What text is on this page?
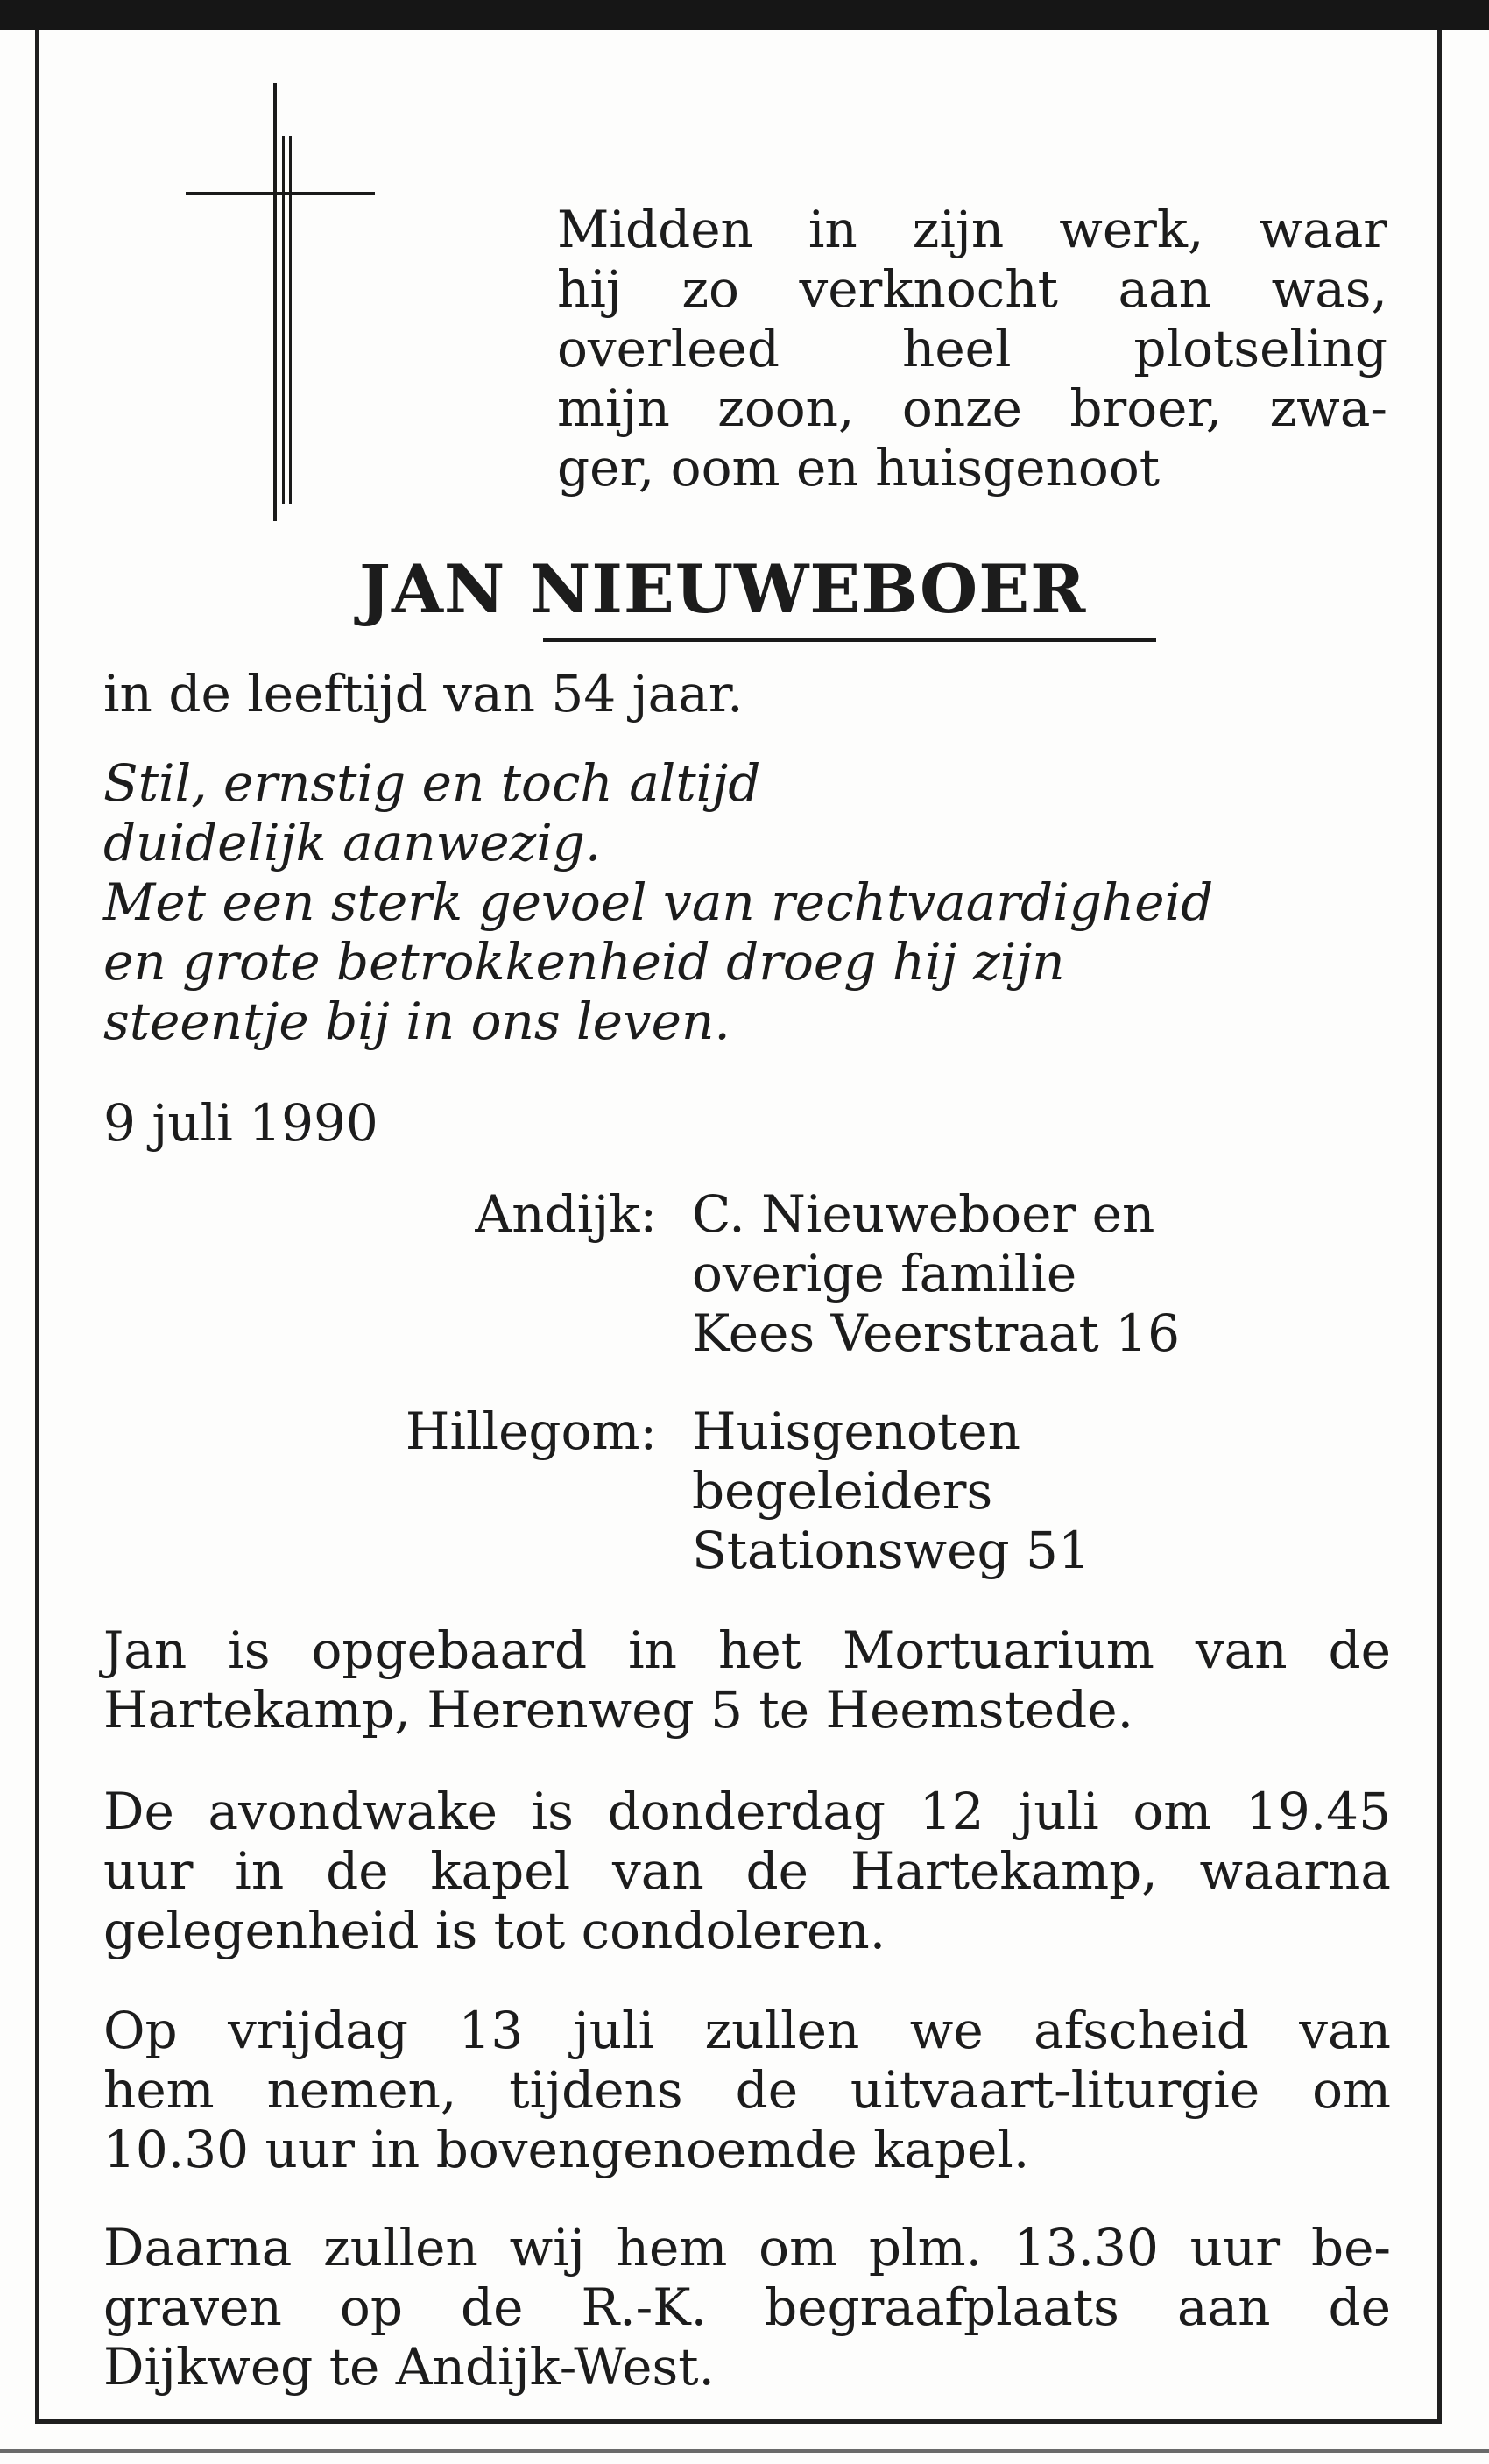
Midden in zijn werk, waar
hij zo verknocht aan was,
overleed heel plotseling
mijn zoon, onze broer, zwa-
ger, oom en huisgenoot
JAN NIEUWEBOER
in de leeftijd van 54 jaar.
Stil, ernstig en toch altijd
duidelijk aanwezig.
Met een sterk gevoel van rechtvaardigheid
en grote betrokkenheid droeg hij zijn
steentje bij in ons leven.
9 juli 1990
Andijk: C. Nieuweboer en
overige familie
Kees Veerstraat 16
Hillegom: Huisgenoten
begeleiders
Stationsweg 51
Jan is opgebaard in het Mortuarium van de
Hartekamp, Herenweg 5 te Heemstede.
De avondwake is donderdag 12 juli om 19.45
uur in de kapel van de Hartekamp, waarna
gelegenheid is tot condoleren.
Op vrijdag 13 juli zullen we afscheid van
hem nemen, tijdens de uitvaart-liturgie om
10.30 uur in bovengenoemde kapel.
Daarna zullen wij hem om plm. 13.30 uur be-
graven op de R.-K. begraafplaats aan de
Dijkweg te Andijk-West.
